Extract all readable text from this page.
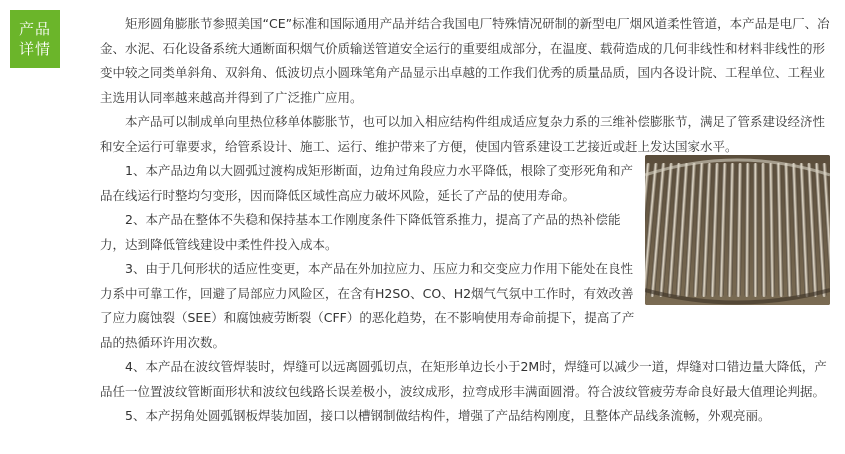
产品
详情

矩形圆角膨胀节参照美国“CE”标准和国际通用产品并结合我国电厂特殊情况研制的新型电厂烟风道柔性管道，本产品是电厂、冶金、水泥、石化设备系统大通断面积烟气价质输送管道安全运行的重要组成部分，在温度、载荷造成的几何非线性和材料非线性的形变中较之同类单斜角、双斜角、低波切点小圆珠笔角产品显示出卓越的工作我们优秀的质量品质，国内各设计院、工程单位、工程业主选用认同率越来越高并得到了广泛推广应用。

本产品可以制成单向里热位移单体膨胀节，也可以加入相应结构件组成适应复杂力系的三维补偿膨胀节，满足了管系建设经济性和安全运行可靠要求，给管系设计、施工、运行、维护带来了方便，使国内管系建设工艺接近或赶上发达国家水平。

1、本产品边角以大圆弧过渡构成矩形断面，边角过角段应力水平降低，根除了变形死角和产品在线运行时整均匀变形，因而降低区域性高应力破坏风险，延长了产品的使用寿命。

2、本产品在整体不失稳和保持基本工作刚度条件下降低管系推力，提高了产品的热补偿能力，达到降低管线建设中柔性件投入成本。

3、由于几何形状的适应性变更，本产品在外加拉应力、压应力和交变应力作用下能处在良性力系中可靠工作，回避了局部应力风险区，在含有H2SO、CO、H2烟气气氛中工作时，有效改善了应力腐蚀裂（SEE）和腐蚀疲劳断裂（CFF）的恶化趋势，在不影响使用寿命前提下，提高了产品的热循环许用次数。

4、本产品在波纹管焊装时，焊缝可以远离圆弧切点，在矩形单边长小于2M时，焊缝可以减少一道，焊缝对口错边量大降低，产品任一位置波纹管断面形状和波纹包线路长误差极小，波纹成形，拉弯成形丰满面圆滑。符合波纹管疲劳寿命良好最大值理论判据。

5、本产拐角处圆弧钢板焊装加固，接口以槽钢制做结构件，增强了产品结构刚度，且整体产品线条流畅，外观亮丽。
